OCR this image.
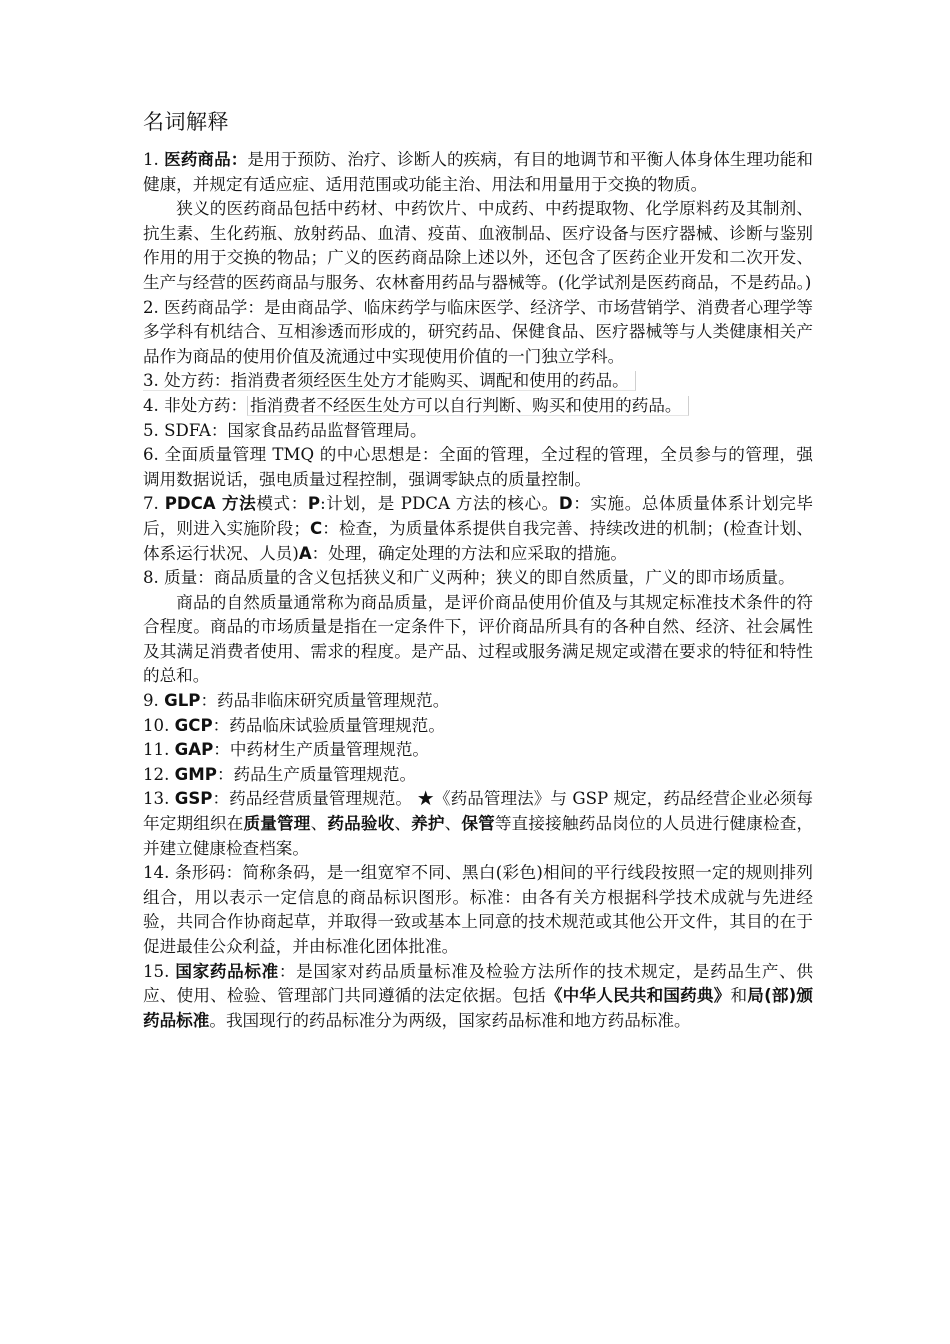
名词解释

1. 医药商品：是用于预防、治疗、诊断人的疾病，有目的地调节和平衡人体身体生理功能和健康，并规定有适应症、适用范围或功能主治、用法和用量用于交换的物质。

狭义的医药商品包括中药材、中药饮片、中成药、中药提取物、化学原料药及其制剂、抗生素、生化药瓶、放射药品、血清、疫苗、血液制品、医疗设备与医疗器械、诊断与鉴别作用的用于交换的物品；广义的医药商品除上述以外，还包含了医药企业开发和二次开发、生产与经营的医药商品与服务、农林畜用药品与器械等。(化学试剂是医药商品，不是药品。)

2. 医药商品学：是由商品学、临床药学与临床医学、经济学、市场营销学、消费者心理学等多学科有机结合、互相渗透而形成的，研究药品、保健食品、医疗器械等与人类健康相关产品作为商品的使用价值及流通过中实现使用价值的一门独立学科。

3. 处方药：指消费者须经医生处方才能购买、调配和使用的药品。

4. 非处方药： 指消费者不经医生处方可以自行判断、购买和使用的药品。

5. SDFA：国家食品药品监督管理局。

6. 全面质量管理 TMQ 的中心思想是：全面的管理，全过程的管理，全员参与的管理，强调用数据说话，强电质量过程控制，强调零缺点的质量控制。

7. PDCA 方法模式：P:计划，是 PDCA 方法的核心。D：实施。总体质量体系计划完毕后，则进入实施阶段；C：检查，为质量体系提供自我完善、持续改进的机制；(检查计划、体系运行状况、人员)A：处理，确定处理的方法和应采取的措施。

8. 质量：商品质量的含义包括狭义和广义两种；狭义的即自然质量，广义的即市场质量。

商品的自然质量通常称为商品质量，是评价商品使用价值及与其规定标准技术条件的符合程度。商品的市场质量是指在一定条件下，评价商品所具有的各种自然、经济、社会属性及其满足消费者使用、需求的程度。是产品、过程或服务满足规定或潜在要求的特征和特性的总和。

9. GLP：药品非临床研究质量管理规范。

10. GCP：药品临床试验质量管理规范。

11. GAP：中药材生产质量管理规范。

12. GMP：药品生产质量管理规范。

13. GSP：药品经营质量管理规范。 ★《药品管理法》与 GSP 规定，药品经营企业必须每年定期组织在质量管理、药品验收、养护、保管等直接接触药品岗位的人员进行健康检查，并建立健康检查档案。

14. 条形码：简称条码，是一组宽窄不同、黑白(彩色)相间的平行线段按照一定的规则排列组合，用以表示一定信息的商品标识图形。标准：由各有关方根据科学技术成就与先进经验，共同合作协商起草，并取得一致或基本上同意的技术规范或其他公开文件，其目的在于促进最佳公众利益，并由标准化团体批准。

15. 国家药品标准：是国家对药品质量标准及检验方法所作的技术规定，是药品生产、供应、使用、检验、管理部门共同遵循的法定依据。包括《中华人民共和国药典》和局(部)颁药品标准。我国现行的药品标准分为两级，国家药品标准和地方药品标准。
